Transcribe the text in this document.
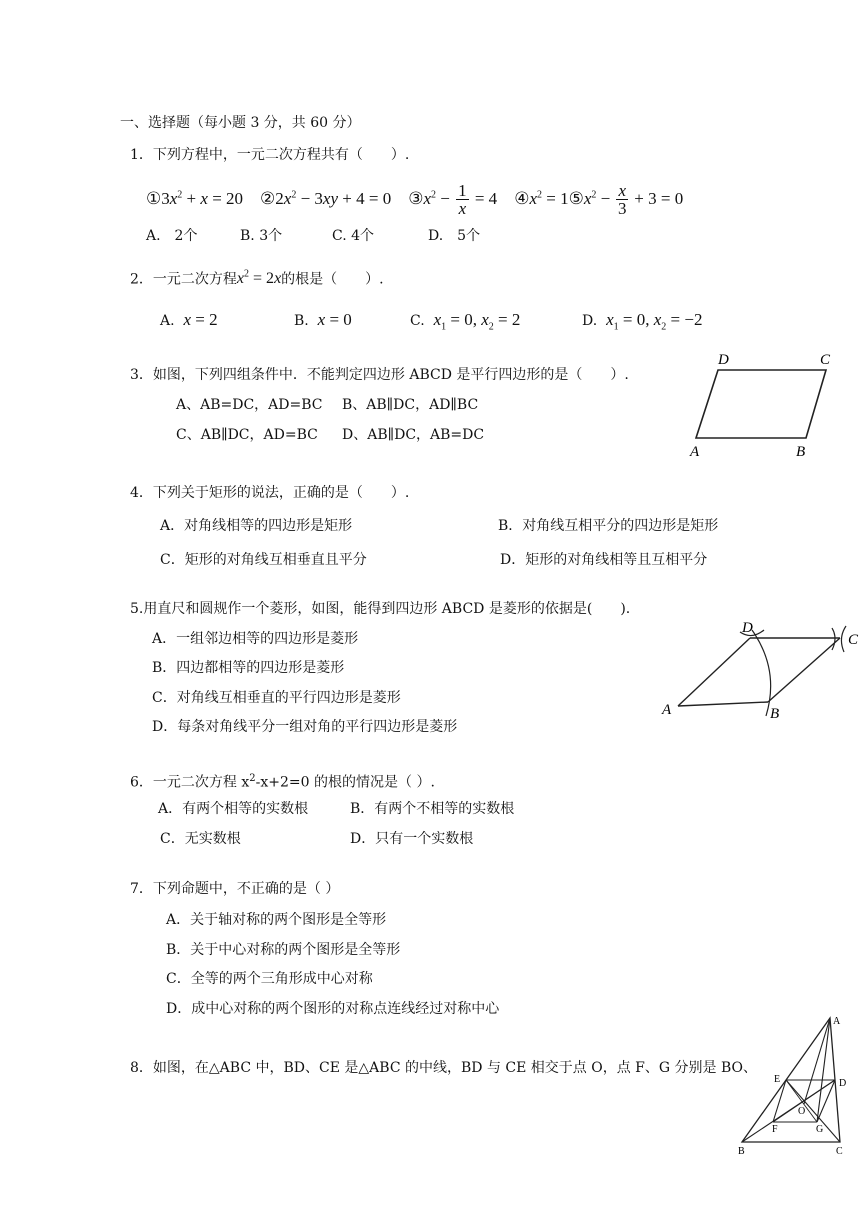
一、选择题（每小题 3 分，共 60 分）
1．下列方程中，一元二次方程共有（　　）.
$①3x^2 + x = 20$ $②2x^2 - 3xy + 4 = 0$ $③x^2 - \frac{1}{x} = 4$ $④x^2$ = $1⑤x^2 - \frac{x}{3} + 3 = 0$
A.　2个	B. 3个	C. 4个	D.　5个
2．一元二次方程$x^2 = 2x$的根是（　　）.
A. x = 2	B. x = 0	C. $x_1 = 0$, $x_2 = 2$	D. $x_1 = 0$, $x_2 = -2$
3．如图，下列四组条件中．不能判定四边形 ABCD 是平行四边形的是（　　）.
A、AB=DC，AD=BC B、AB∥DC，AD∥BC
C、AB∥DC，AD=BC D、AB∥DC，AB=DC
D	C
A	B
4．下列关于矩形的说法，正确的是（　　）.
A．对角线相等的四边形是矩形	B．对角线互相平分的四边形是矩形
C．矩形的对角线互相垂直且平分	D．矩形的对角线相等且互相平分
5.用直尺和圆规作一个菱形，如图，能得到四边形 ABCD 是菱形的依据是(　　).
A．一组邻边相等的四边形是菱形
B．四边都相等的四边形是菱形
C．对角线互相垂直的平行四边形是菱形
D．每条对角线平分一组对角的平行四边形是菱形
D
C
A	B
6．一元二次方程 $x^2-x+2=0$ 的根的情况是（ ）.
A．有两个相等的实数根	B．有两个不相等的实数根
C．无实数根	D．只有一个实数根
7．下列命题中，不正确的是（ ）
A．关于轴对称的两个图形是全等形
B．关于中心对称的两个图形是全等形
C．全等的两个三角形成中心对称
D．成中心对称的两个图形的对称点连线经过对称中心
8．如图，在△ABC 中，BD、CE 是△ABC 的中线，BD 与 CE 相交于点 O，点 F、G 分别是 BO、
A
E	D
O
F	G
B	C
